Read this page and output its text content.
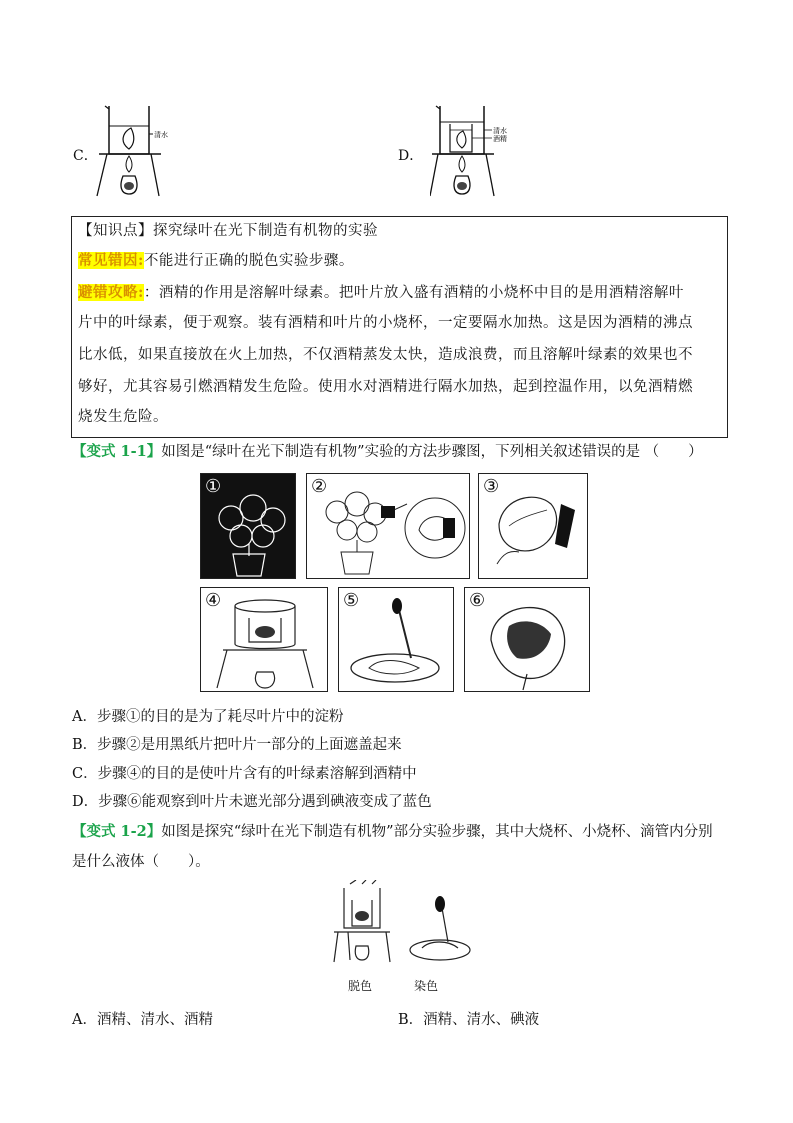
C．
清水
D．
清水
酒精
【知识点】探究绿叶在光下制造有机物的实验
常见错因:不能进行正确的脱色实验步骤。
避错攻略:：酒精的作用是溶解叶绿素。把叶片放入盛有酒精的小烧杯中目的是用酒精溶解叶
片中的叶绿素，便于观察。装有酒精和叶片的小烧杯，一定要隔水加热。这是因为酒精的沸点
比水低，如果直接放在火上加热，不仅酒精蒸发太快，造成浪费，而且溶解叶绿素的效果也不
够好，尤其容易引燃酒精发生危险。使用水对酒精进行隔水加热，起到控温作用，以免酒精燃
烧发生危险。
【变式 1-1】如图是“绿叶在光下制造有机物”实验的方法步骤图，下列相关叙述错误的是 （　　）
①	②	③
④	⑤	⑥
A．步骤①的目的是为了耗尽叶片中的淀粉
B．步骤②是用黑纸片把叶片一部分的上面遮盖起来
C．步骤④的目的是使叶片含有的叶绿素溶解到酒精中
D．步骤⑥能观察到叶片未遮光部分遇到碘液变成了蓝色
【变式 1-2】如图是探究“绿叶在光下制造有机物”部分实验步骤，其中大烧杯、小烧杯、滴管内分别
是什么液体（　　）。
脱色	染色
A．酒精、清水、酒精	B．酒精、清水、碘液
